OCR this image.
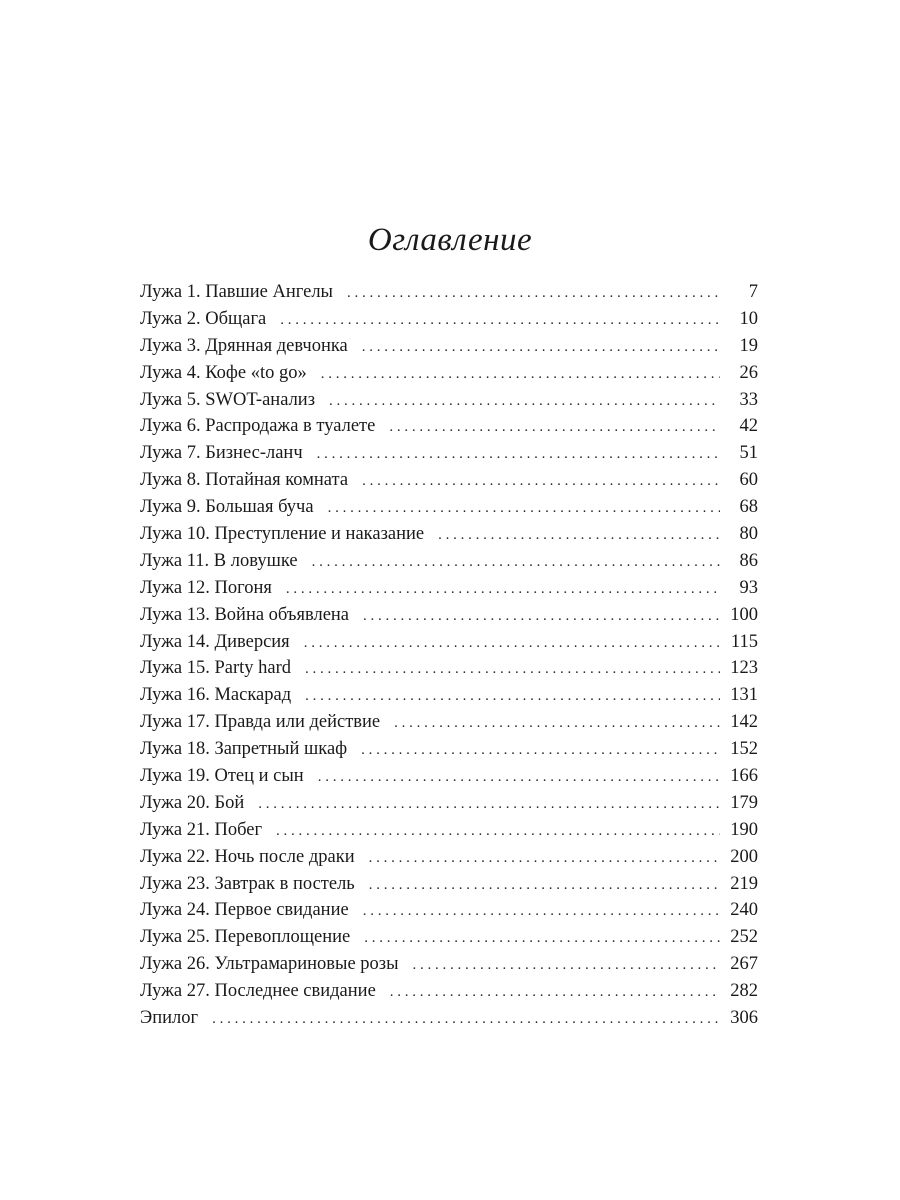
Оглавление
Лужа 1. Павшие Ангелы . . .	7
Лужа 2. Общага . . .	10
Лужа 3. Дрянная девчонка . . .	19
Лужа 4. Кофе «to go» . . .	26
Лужа 5. SWOT-анализ . . .	33
Лужа 6. Распродажа в туалете . . .	42
Лужа 7. Бизнес-ланч . . .	51
Лужа 8. Потайная комната . . .	60
Лужа 9. Большая буча . . .	68
Лужа 10. Преступление и наказание . . .	80
Лужа 11. В ловушке . . .	86
Лужа 12. Погоня . . .	93
Лужа 13. Война объявлена . . .	100
Лужа 14. Диверсия . . .	115
Лужа 15. Party hard . . .	123
Лужа 16. Маскарад . . .	131
Лужа 17. Правда или действие . . .	142
Лужа 18. Запретный шкаф . . .	152
Лужа 19. Отец и сын . . .	166
Лужа 20. Бой . . .	179
Лужа 21. Побег . . .	190
Лужа 22. Ночь после драки . . .	200
Лужа 23. Завтрак в постель . . .	219
Лужа 24. Первое свидание . . .	240
Лужа 25. Перевоплощение . . .	252
Лужа 26. Ультрамариновые розы . . .	267
Лужа 27. Последнее свидание . . .	282
Эпилог . . .	306
